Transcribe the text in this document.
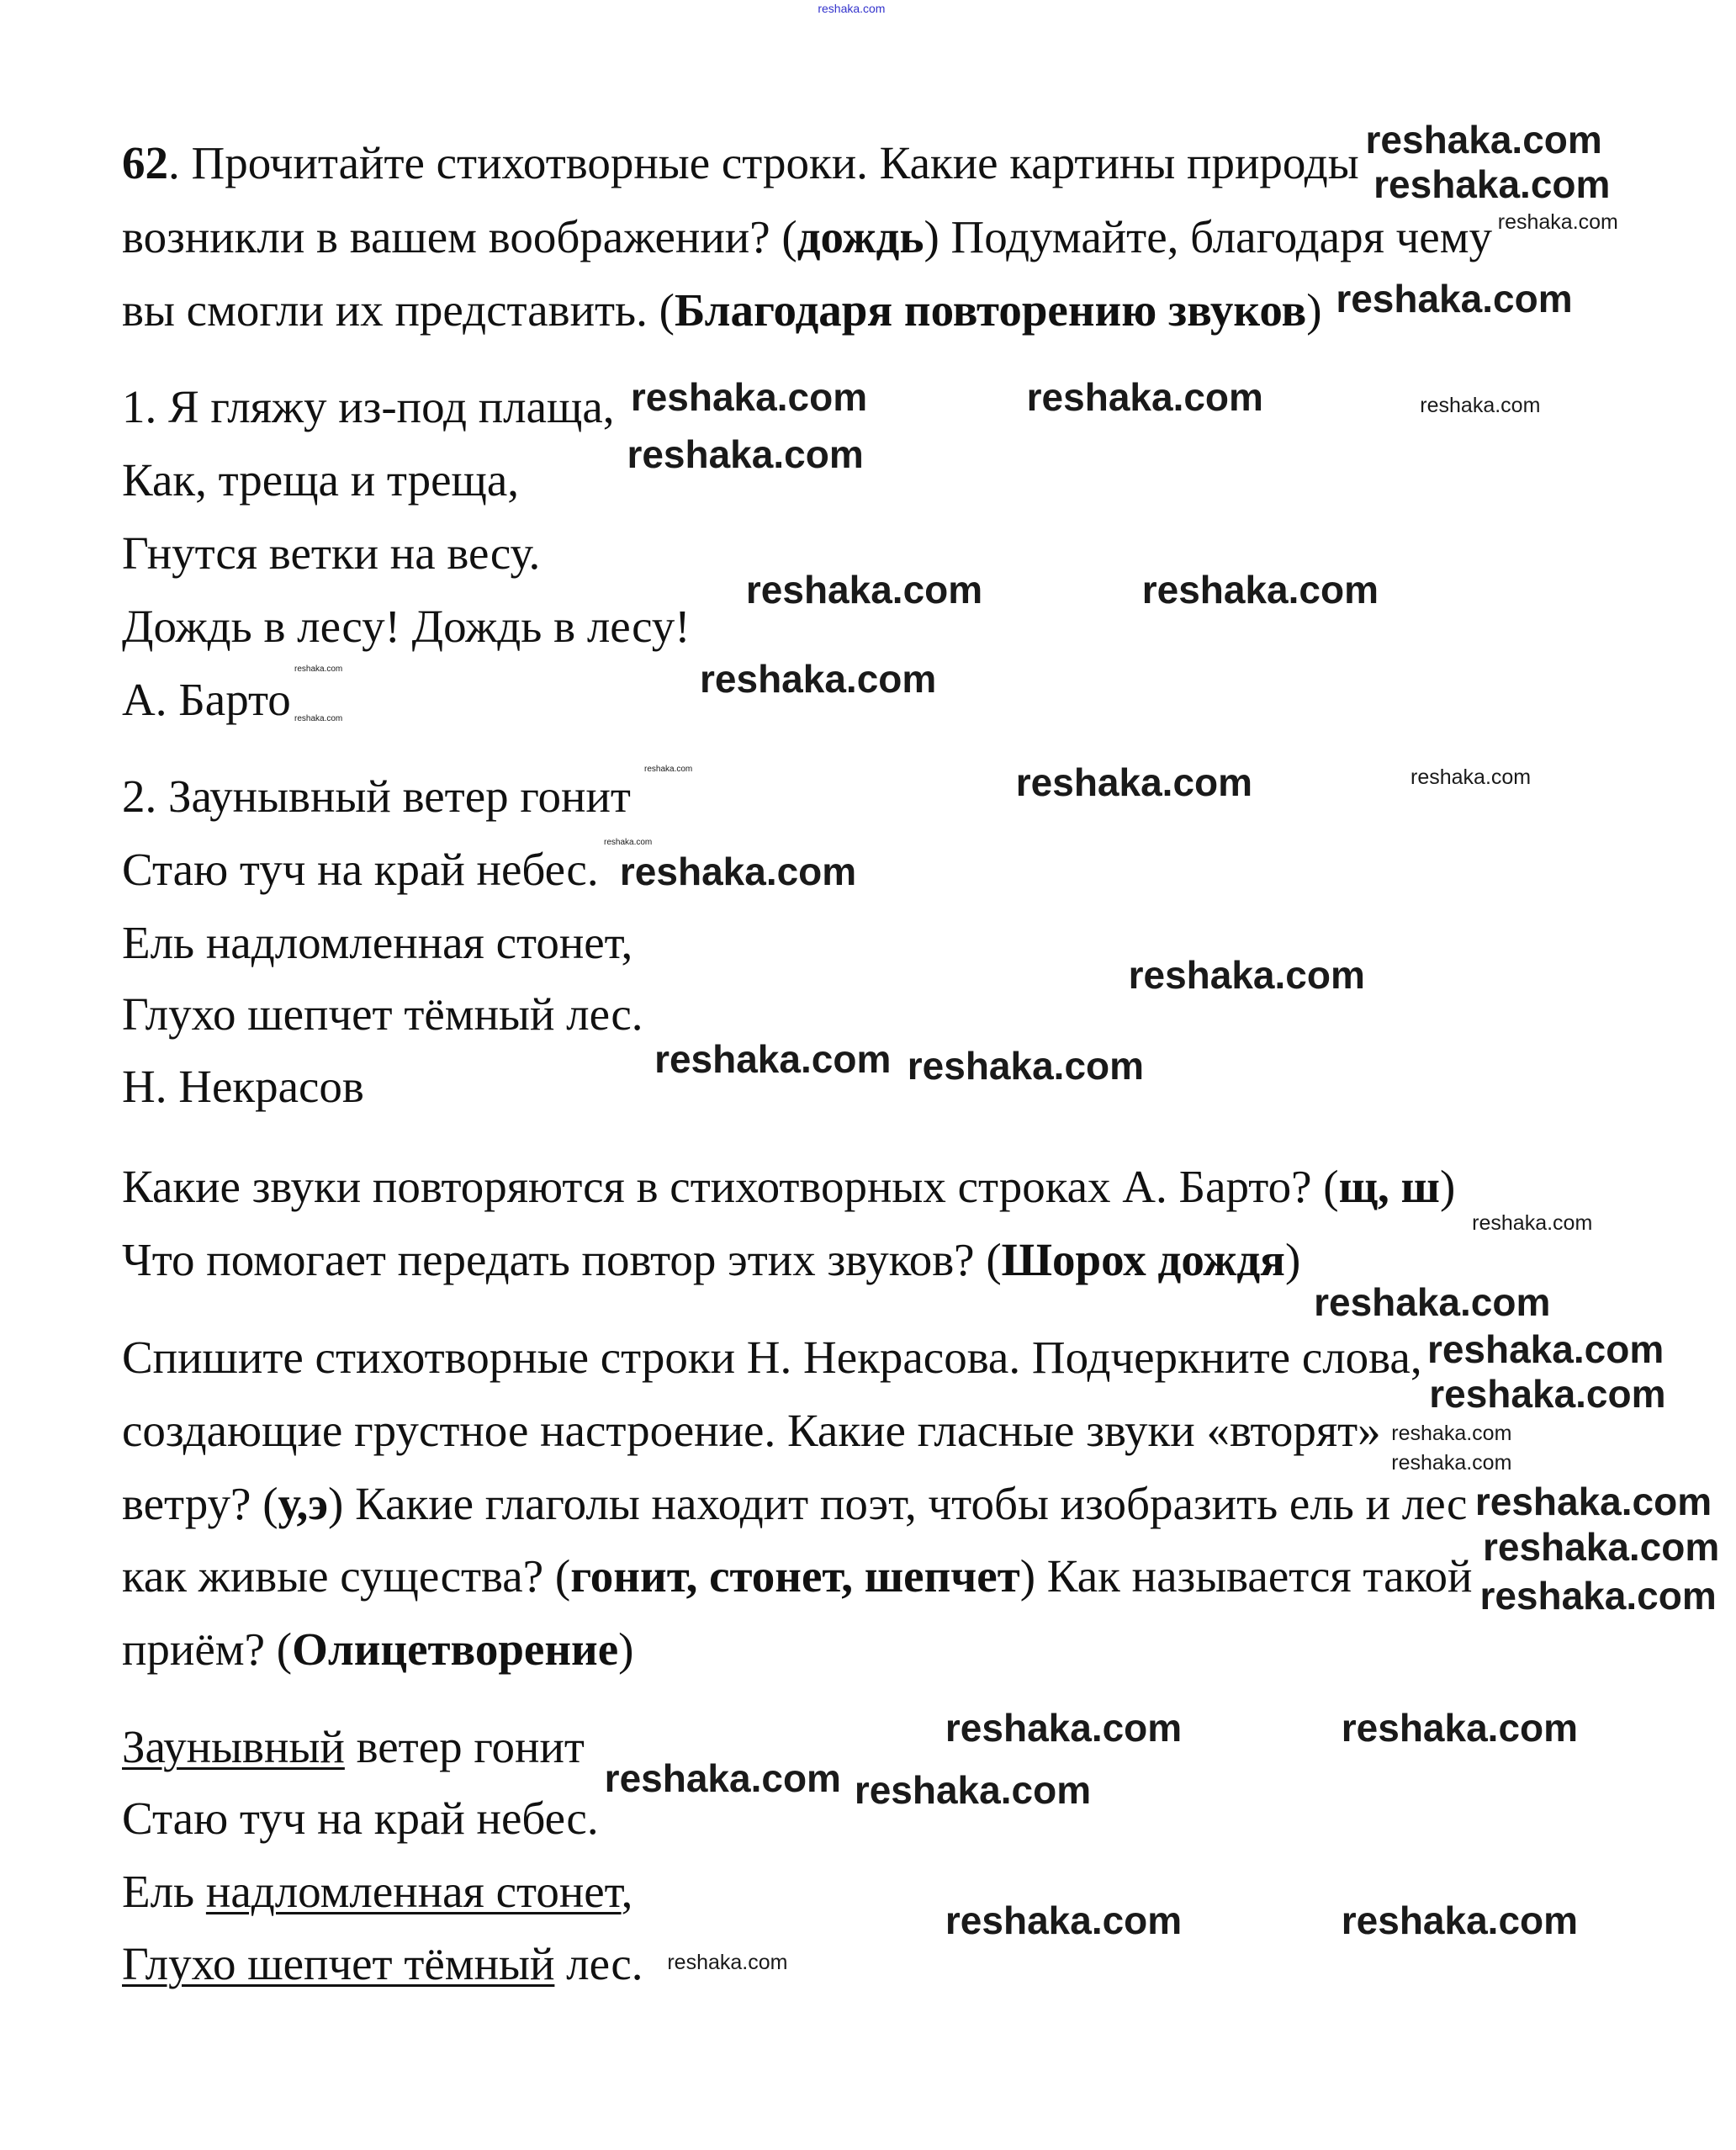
62. Прочитайте стихотворные строки. Какие картины природы
возникли в вашем воображении? (дождь) Подумайте, благодаря чему
вы смогли их представить. (Благодаря повторению звуков)
1. Я гляжу из-под плаща,
Как, треща и треща,
Гнутся ветки на весу.
Дождь в лесу! Дождь в лесу!
А. Барто
2. Заунывный ветер гонит
Стаю туч на край небес.
Ель надломленная стонет,
Глухо шепчет тёмный лес.
Н. Некрасов
Какие звуки повторяются в стихотворных строках А. Барто? (щ, ш)
Что помогает передать повтор этих звуков? (Шорох дождя)
Спишите стихотворные строки Н. Некрасова. Подчеркните слова,
создающие грустное настроение. Какие гласные звуки «вторят»
ветру? (у,э) Какие глаголы находит поэт, чтобы изобразить ель и лес
как живые существа? (гонит, стонет, шепчет) Как называется такой
приём? (Олицетворение)
Заунывный ветер гонит
Стаю туч на край небес.
Ель надломленная стонет,
Глухо шепчет тёмный лес.
reshaka.com
reshaka.com
reshaka.com
reshaka.com
reshaka.com	reshaka.com
reshaka.com
reshaka.com	reshaka.com
reshaka.com
reshaka.com
reshaka.com
reshaka.com
reshaka.com reshaka.com
reshaka.com
reshaka.com
reshaka.com
reshaka.com
reshaka.com
reshaka.com
reshaka.com	reshaka.com
reshaka.com reshaka.com
reshaka.com	reshaka.com
reshaka.com
reshaka.com
reshaka.com
reshaka.com
reshaka.com
reshaka.com
reshaka.com
reshaka.com
reshaka.com
reshaka.com
reshaka.com
